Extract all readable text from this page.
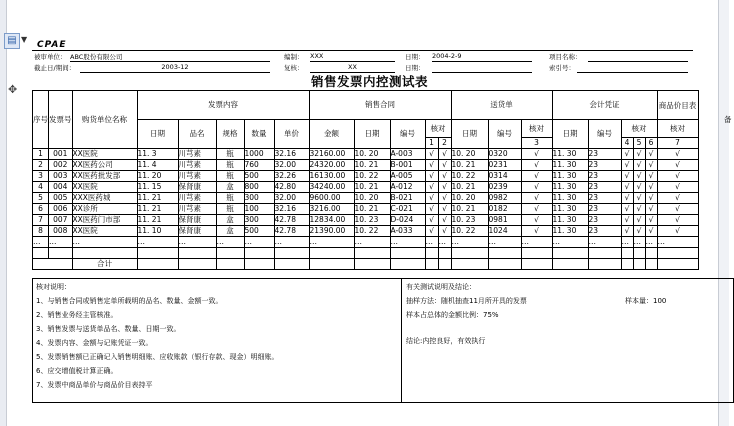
▤ ▼
✥
CPAE
被审单位： ABC股份有限公司	编制： XXX	日期： 2004-2-9	项目名称：
截止日/期间：	2003-12	复核：	XX	日期：	索引号：
销售发票内控测试表
序号	发票号	购货单位名称	发票内容					销售合同					送货单			会计凭证					商品价目表
			日期	品名	规格	数量	单价	金额	日期	编号	核对		日期	编号	核对	日期	编号	核对			核对
											1	2			3			4	5	6	7
1	001	XX医院	11. 3	川芎素	瓶	1000	32.16	32160.00	10. 20	A-003	√	√	10. 20	0320	√	11. 30	23	√	√	√	√
2	002	XX医药公司	11. 4	川芎素	瓶	760	32.00	24320.00	10. 21	B-001	√	√	10. 21	0231	√	11. 30	23	√	√	√	√
3	003	XX医药批发部	11. 20	川芎素	瓶	500	32.26	16130.00	10. 22	A-005	√	√	10. 22	0314	√	11. 30	23	√	√	√	√
4	004	XX医院	11. 15	保肾康	盒	800	42.80	34240.00	10. 21	A-012	√	√	10. 21	0239	√	11. 30	23	√	√	√	√
5	005	XXX医药城	11. 21	川芎素	瓶	300	32.00	9600.00	10. 20	B-021	√	√	10. 20	0982	√	11. 30	23	√	√	√	√
6	006	XX诊所	11. 21	川芎素	瓶	100	32.16	3216.00	10. 21	C-021	√	√	10. 21	0182	√	11. 30	23	√	√	√	√
7	007	XX医药门市部	11. 21	保肾康	盒	300	42.78	12834.00	10. 23	D-024	√	√	10. 23	0981	√	11. 30	23	√	√	√	√
8	008	XX医院	11. 10	保肾康	盒	500	42.78	21390.00	10. 22	A-033	√	√	10. 22	1024	√	11. 30	23	√	√	√	√
…	…	…	…	…	…	…	…	…	…	…	…	…	…	…	…	…	…	…	…	…	…

		合计																			
备
核对说明：
1、与销售合同或销售定单所载明的品名、数量、金额一致。
2、销售业务经主管核准。
3、销售发票与送货单品名、数量、日期一致。
4、发票内容、金额与记账凭证一致。
5、发票销售额已正确记入销售明细账、应收账款（银行存款、现金）明细账。
6、应交增值税计算正确。
7、发票中商品单价与商品价目表持平
有关测试说明及结论：
抽样方法：随机抽查11月所开具的发票	样本量：100
样本占总体的金额比例：75%
结论:内控良好，有效执行
